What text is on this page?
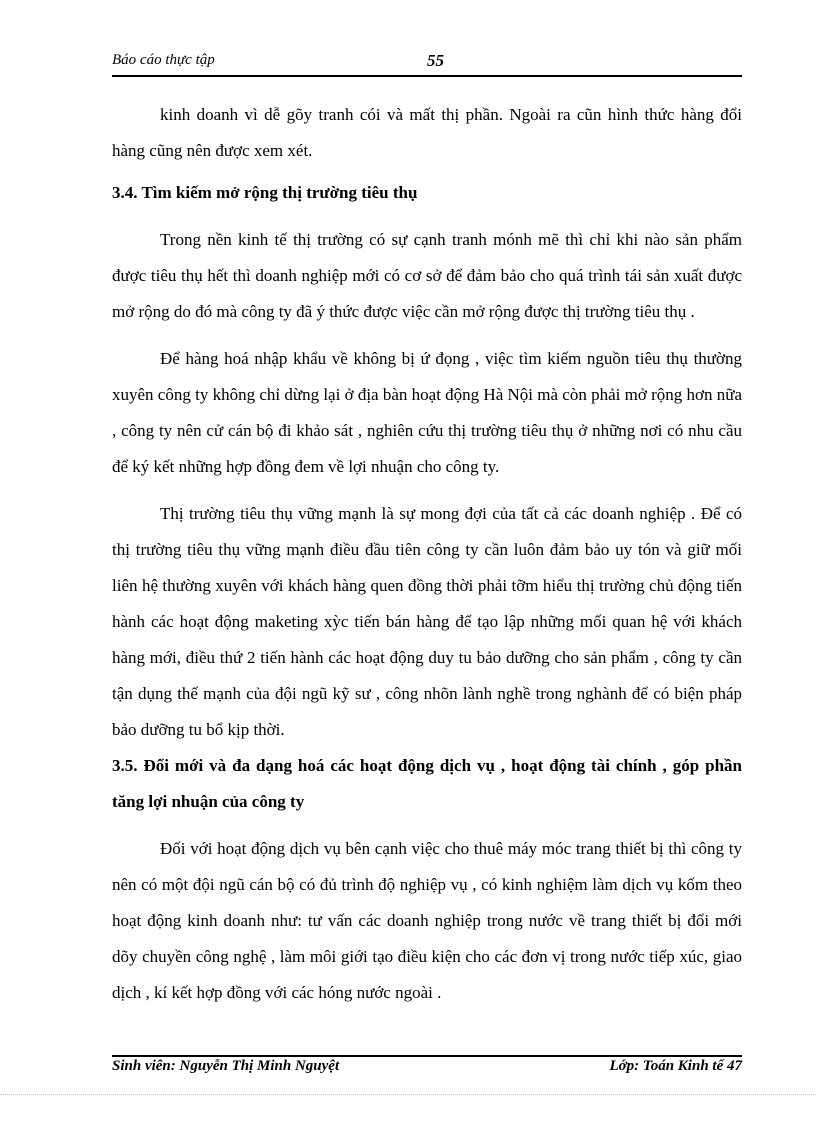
Báo cáo thực tập	55

kinh doanh vì dễ gõy tranh cói và mất thị phần. Ngoài ra cũn hình thức hàng đổi hàng cũng nên được xem xét.

3.4. Tìm kiếm mở rộng thị trường tiêu thụ

Trong nền kinh tế thị trường có sự cạnh tranh mónh mẽ thì chỉ khi nào sản phẩm được tiêu thụ hết thì doanh nghiệp mới có cơ sở để đảm bảo cho quá trình tái sản xuất được mở rộng do đó mà công ty đã ý thức được việc cần mở rộng được thị trường tiêu thụ .

Để hàng hoá nhập khẩu về không bị ứ đọng , việc tìm kiếm nguồn tiêu thụ thường xuyên công ty không chỉ dừng lại ở địa bàn hoạt động Hà Nội mà còn phải mở rộng hơn nữa , công ty nên cử cán bộ đi khảo sát , nghiên cứu thị trường tiêu thụ ở những nơi có nhu cầu để ký kết những hợp đồng đem về lợi nhuận cho công ty.

Thị trường tiêu thụ vững mạnh là sự mong đợi của tất cả các doanh nghiệp . Để có thị trường tiêu thụ vững mạnh điều đầu tiên công ty cần luôn đảm bảo uy tón và giữ mối liên hệ thường xuyên với khách hàng quen đồng thời phải tỡm hiểu thị trường chủ động tiến hành các hoạt động maketing xỳc tiến bán hàng để tạo lập những mối quan hệ với khách hàng mới, điều thứ 2 tiến hành các hoạt động duy tu bảo dưỡng cho sản phẩm , công ty cần tận dụng thế mạnh của đội ngũ kỹ sư , công nhõn lành nghề trong nghành để có biện pháp bảo dưỡng tu bổ kịp thời.

3.5. Đổi mới và đa dạng hoá các hoạt động dịch vụ , hoạt động tài chính , góp phần tăng lợi nhuận của công ty

Đối với hoạt động dịch vụ bên cạnh việc cho thuê máy móc trang thiết bị thì công ty nên có một đội ngũ cán bộ có đủ trình độ nghiệp vụ , có kinh nghiệm làm dịch vụ kốm theo hoạt động kinh doanh như: tư vấn các doanh nghiệp trong nước về trang thiết bị đổi mới dõy chuyền công nghệ , làm môi giới tạo điều kiện cho các đơn vị trong nước tiếp xúc, giao dịch , kí kết hợp đồng với các hóng nước ngoài .

Sinh viên: Nguyễn Thị Minh Nguyệt	Lớp: Toán Kinh tế 47
